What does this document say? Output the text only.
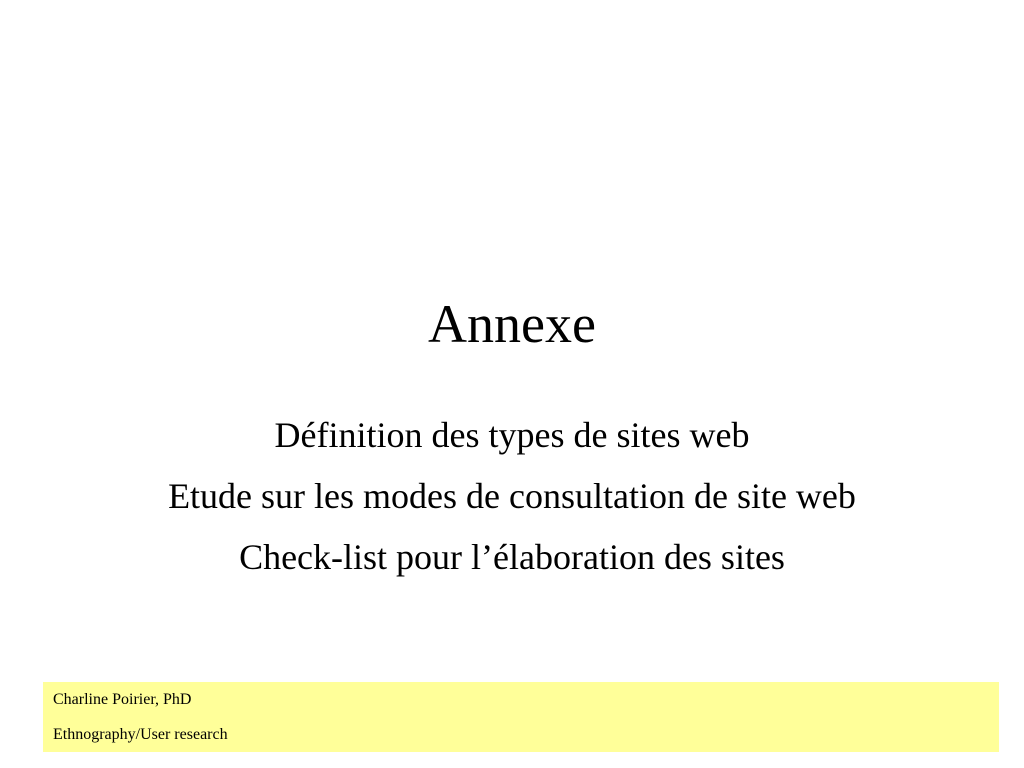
Annexe
Définition des types de sites web
Etude sur les modes de consultation de site web
Check-list pour l’élaboration des sites
Charline Poirier, PhD
Ethnography/User research
